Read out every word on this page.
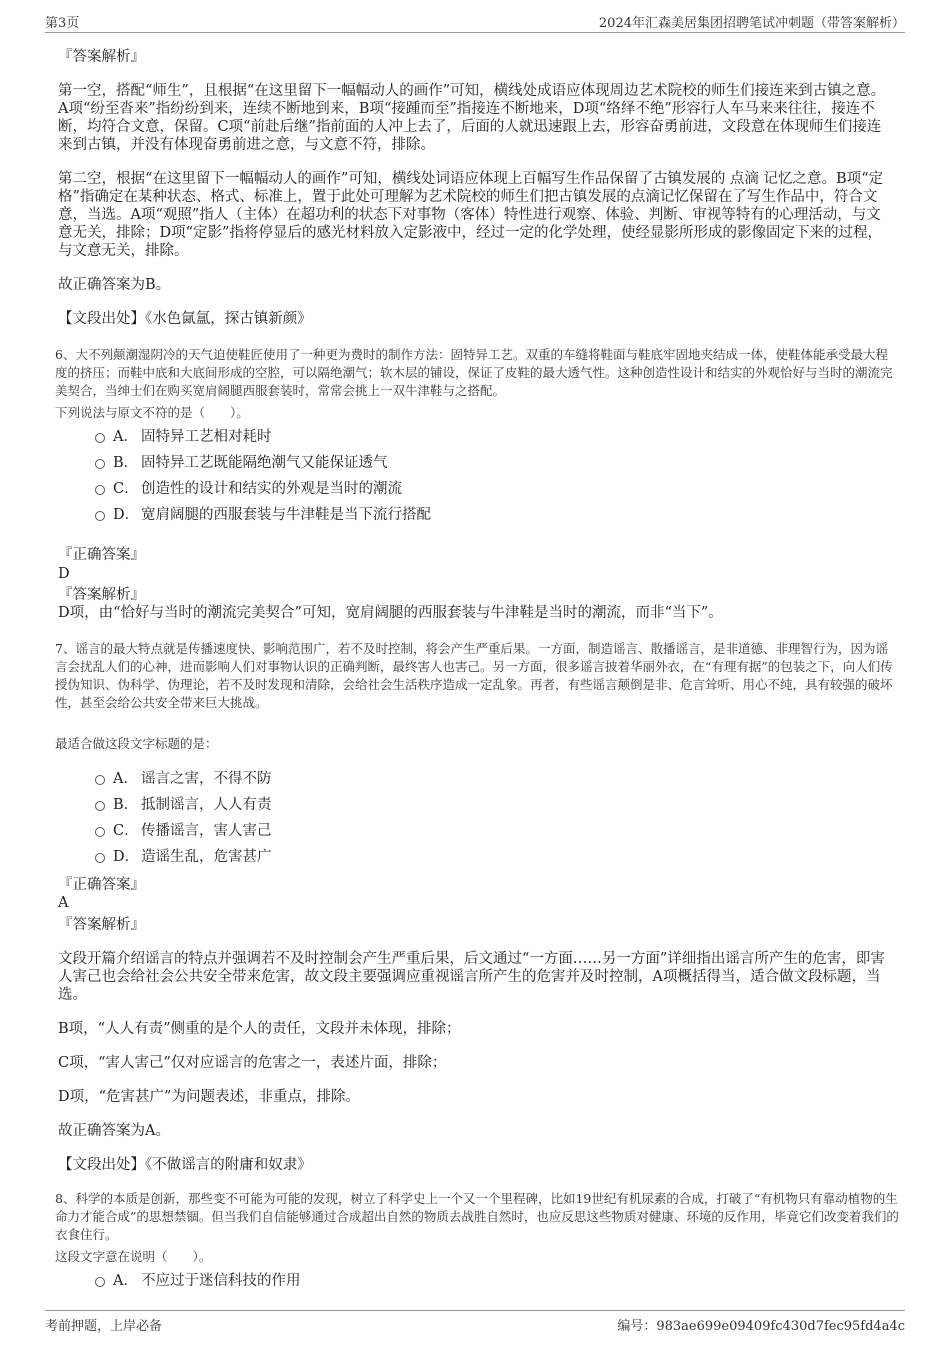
第3页	2024年汇森美居集团招聘笔试冲刺题（带答案解析）
『答案解析』
第一空，搭配“师生”，且根据“在这里留下一幅幅动人的画作”可知，横线处成语应体现周边艺术院校的师生们接连来到古镇之意。A项“纷至沓来”指纷纷到来，连续不断地到来，B项“接踵而至”指接连不断地来，D项“络绎不绝”形容行人车马来来往往，接连不断，均符合文意，保留。C项“前赴后继”指前面的人冲上去了，后面的人就迅速跟上去，形容奋勇前进，文段意在体现师生们接连来到古镇，并没有体现奋勇前进之意，与文意不符，排除。
第二空，根据“在这里留下一幅幅动人的画作”可知，横线处词语应体现上百幅写生作品保留了古镇发展的 点滴 记忆之意。B项“定格”指确定在某种状态、格式、标准上，置于此处可理解为艺术院校的师生们把古镇发展的点滴记忆保留在了写生作品中，符合文意，当选。A项“观照”指人（主体）在超功利的状态下对事物（客体）特性进行观察、体验、判断、审视等特有的心理活动，与文意无关，排除；D项“定影”指将停显后的感光材料放入定影液中，经过一定的化学处理，使经显影所形成的影像固定下来的过程，与文意无关，排除。
故正确答案为B。
【文段出处】《水色氤氲，探古镇新颜》
6、大不列颠潮湿阴冷的天气迫使鞋匠使用了一种更为费时的制作方法：固特异工艺。双重的车缝将鞋面与鞋底牢固地夹结成一体，使鞋体能承受最大程度的挤压；而鞋中底和大底间形成的空腔，可以隔绝潮气；软木层的铺设，保证了皮鞋的最大透气性。这种创造性设计和结实的外观恰好与当时的潮流完美契合，当绅士们在购买宽肩阔腿西服套装时，常常会挑上一双牛津鞋与之搭配。
下列说法与原文不符的是（　　）。
A． 固特异工艺相对耗时
B． 固特异工艺既能隔绝潮气又能保证透气
C． 创造性的设计和结实的外观是当时的潮流
D． 宽肩阔腿的西服套装与牛津鞋是当下流行搭配
『正确答案』
D
『答案解析』
D项，由“恰好与当时的潮流完美契合”可知，宽肩阔腿的西服套装与牛津鞋是当时的潮流，而非“当下”。
7、谣言的最大特点就是传播速度快、影响范围广，若不及时控制，将会产生严重后果。一方面，制造谣言、散播谣言，是非道德、非理智行为，因为谣言会扰乱人们的心神，进而影响人们对事物认识的正确判断，最终害人也害己。另一方面，很多谣言披着华丽外衣，在“有理有据”的包装之下，向人们传授伪知识、伪科学、伪理论，若不及时发现和清除，会给社会生活秩序造成一定乱象。再者，有些谣言颠倒是非、危言耸听、用心不纯，具有较强的破坏性，甚至会给公共安全带来巨大挑战。
最适合做这段文字标题的是：
A． 谣言之害，不得不防
B． 抵制谣言，人人有责
C． 传播谣言，害人害己
D． 造谣生乱，危害甚广
『正确答案』
A
『答案解析』
文段开篇介绍谣言的特点并强调若不及时控制会产生严重后果，后文通过“一方面……另一方面”详细指出谣言所产生的危害，即害人害己也会给社会公共安全带来危害，故文段主要强调应重视谣言所产生的危害并及时控制，A项概括得当，适合做文段标题，当选。
B项，“人人有责”侧重的是个人的责任，文段并未体现，排除；
C项，“害人害己”仅对应谣言的危害之一，表述片面，排除；
D项，“危害甚广”为问题表述，非重点，排除。
故正确答案为A。
【文段出处】《不做谣言的附庸和奴隶》
8、科学的本质是创新，那些变不可能为可能的发现，树立了科学史上一个又一个里程碑，比如19世纪有机尿素的合成，打破了“有机物只有靠动植物的生命力才能合成”的思想禁锢。但当我们自信能够通过合成超出自然的物质去战胜自然时，也应反思这些物质对健康、环境的反作用，毕竟它们改变着我们的衣食住行。
这段文字意在说明（　　）。
A． 不应过于迷信科技的作用
考前押题，上岸必备	编号：983ae699e09409fc430d7fec95fd4a4c
